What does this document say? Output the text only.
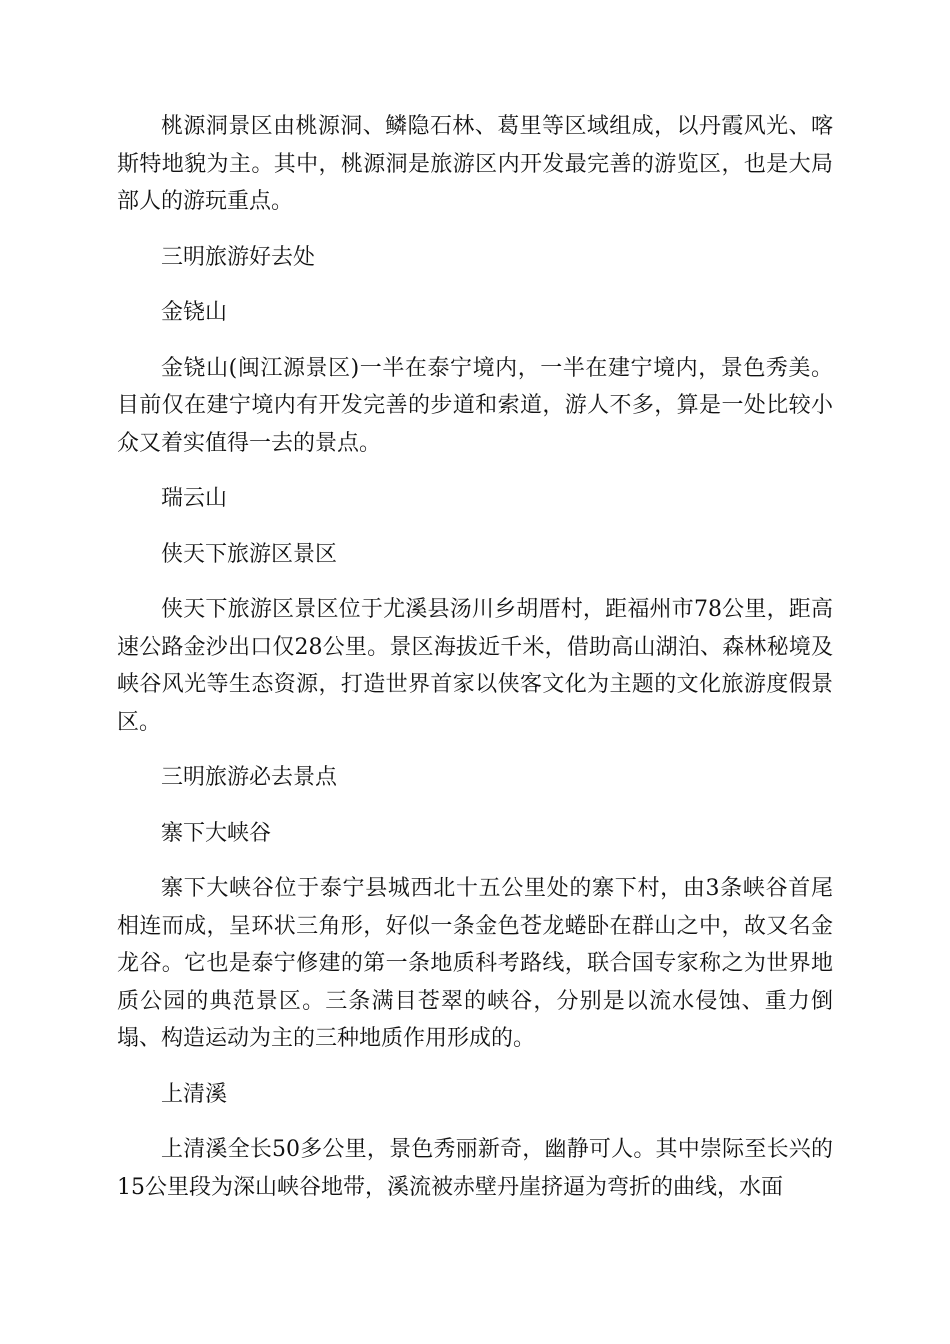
桃源洞景区由桃源洞、鳞隐石林、葛里等区域组成，以丹霞风光、喀斯特地貌为主。其中，桃源洞是旅游区内开发最完善的游览区，也是大局部人的游玩重点。

三明旅游好去处

金铙山

金铙山(闽江源景区)一半在泰宁境内，一半在建宁境内，景色秀美。目前仅在建宁境内有开发完善的步道和索道，游人不多，算是一处比较小众又着实值得一去的景点。

瑞云山

侠天下旅游区景区

侠天下旅游区景区位于尤溪县汤川乡胡厝村，距福州市78公里，距高速公路金沙出口仅28公里。景区海拔近千米，借助高山湖泊、森林秘境及峡谷风光等生态资源，打造世界首家以侠客文化为主题的文化旅游度假景区。

三明旅游必去景点

寨下大峡谷

寨下大峡谷位于泰宁县城西北十五公里处的寨下村，由3条峡谷首尾相连而成，呈环状三角形，好似一条金色苍龙蜷卧在群山之中，故又名金龙谷。它也是泰宁修建的第一条地质科考路线，联合国专家称之为世界地质公园的典范景区。三条满目苍翠的峡谷，分别是以流水侵蚀、重力倒塌、构造运动为主的三种地质作用形成的。

上清溪

上清溪全长50多公里，景色秀丽新奇，幽静可人。其中崇际至长兴的15公里段为深山峡谷地带，溪流被赤壁丹崖挤逼为弯折的曲线，水面
